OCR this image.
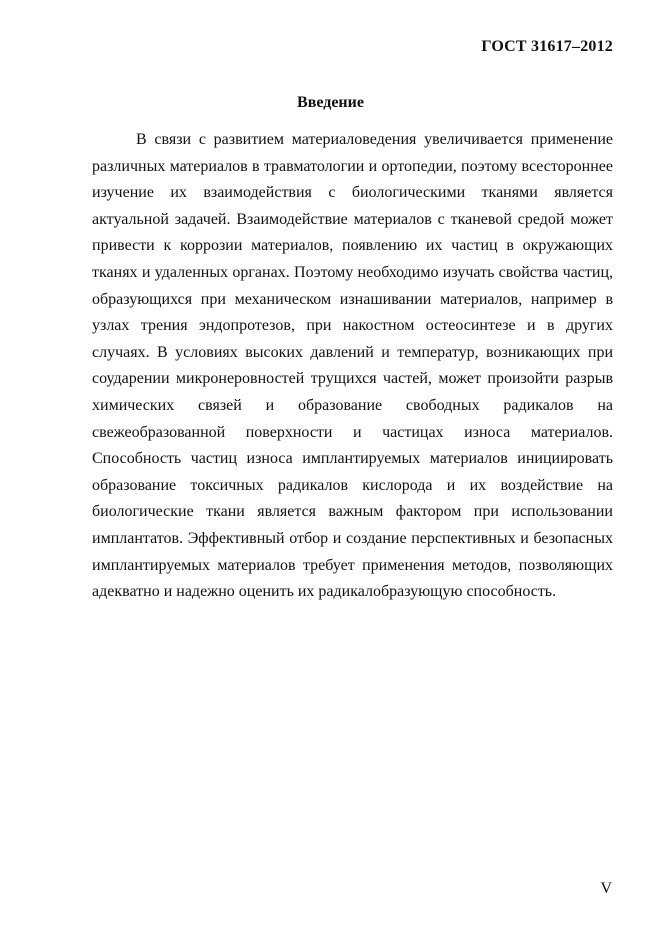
ГОСТ 31617–2012
Введение

В связи с развитием материаловедения увеличивается применение различных материалов в травматологии и ортопедии, поэтому всестороннее изучение их взаимодействия с биологическими тканями является актуальной задачей. Взаимодействие материалов с тканевой средой может привести к коррозии материалов, появлению их частиц в окружающих тканях и удаленных органах. Поэтому необходимо изучать свойства частиц, образующихся при механическом изнашивании материалов, например в узлах трения эндопротезов, при накостном остеосинтезе и в других случаях. В условиях высоких давлений и температур, возникающих при соударении микронеровностей трущихся частей, может произойти разрыв химических связей и образование свободных радикалов на свежеобразованной поверхности и частицах износа материалов. Способность частиц износа имплантируемых материалов инициировать образование токсичных радикалов кислорода и их воздействие на биологические ткани является важным фактором при использовании имплантатов. Эффективный отбор и создание перспективных и безопасных имплантируемых материалов требует применения методов, позволяющих адекватно и надежно оценить их радикалобразующую способность.

V
